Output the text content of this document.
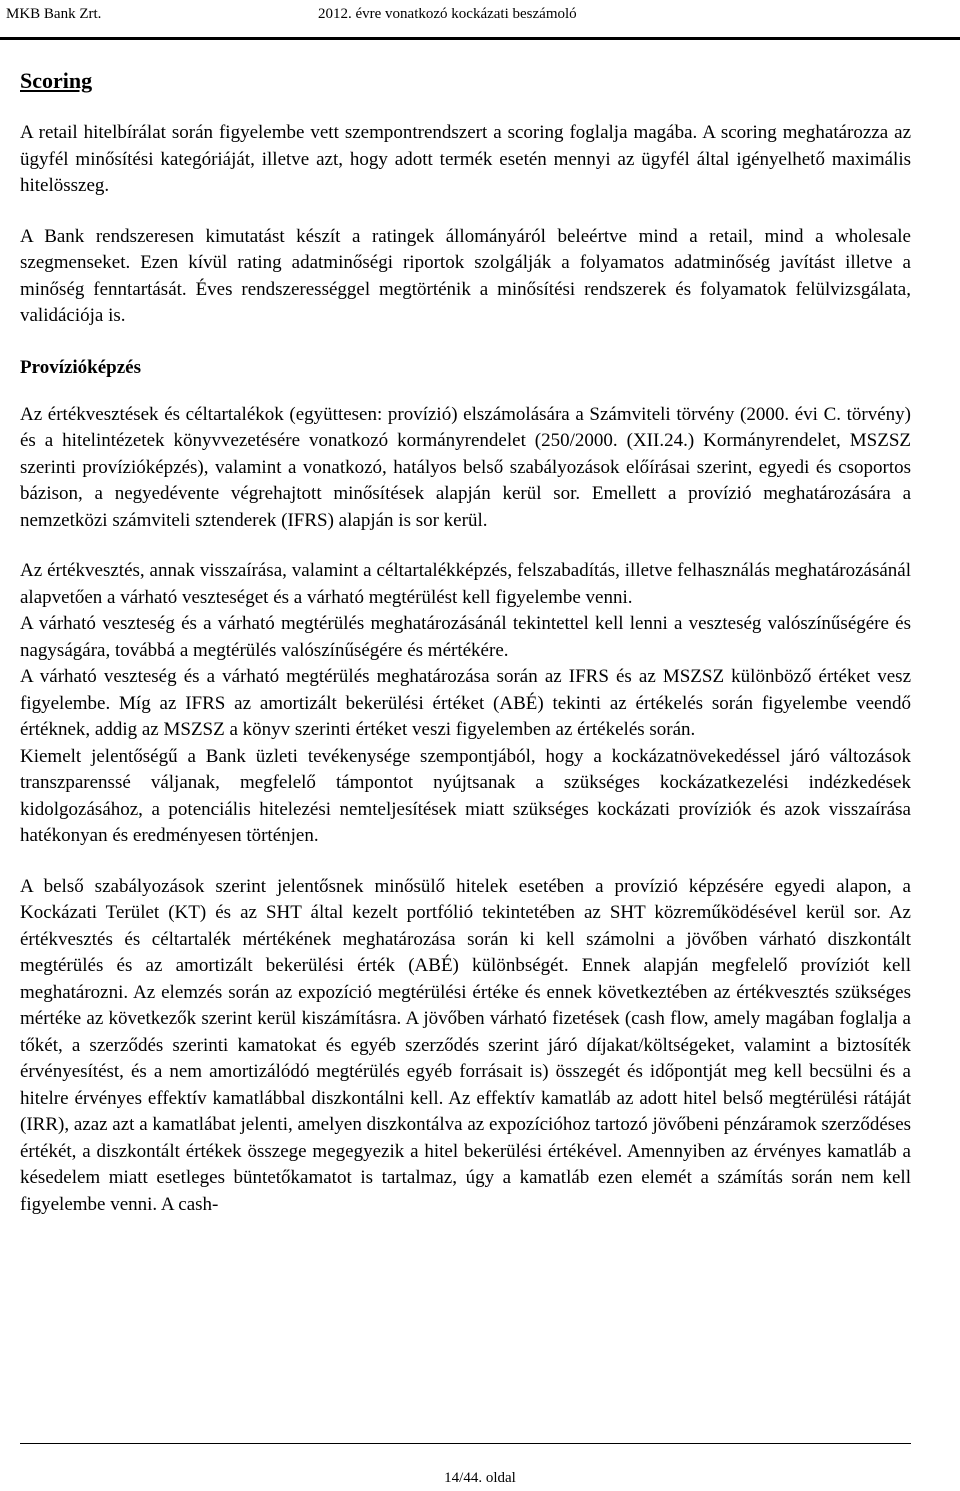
MKB Bank Zrt.	2012. évre vonatkozó kockázati beszámoló
Scoring

A retail hitelbírálat során figyelembe vett szempontrendszert a scoring foglalja magába. A scoring meghatározza az ügyfél minősítési kategóriáját, illetve azt, hogy adott termék esetén mennyi az ügyfél által igényelhető maximális hitelösszeg.

A Bank rendszeresen kimutatást készít a ratingek állományáról beleértve mind a retail, mind a wholesale szegmenseket. Ezen kívül rating adatminőségi riportok szolgálják a folyamatos adatminőség javítást illetve a minőség fenntartását. Éves rendszerességgel megtörténik a minősítési rendszerek és folyamatok felülvizsgálata, validációja is.

Provízióképzés

Az értékvesztések és céltartalékok (együttesen: provízió) elszámolására a Számviteli törvény (2000. évi C. törvény) és a hitelintézetek könyvvezetésére vonatkozó kormányrendelet (250/2000. (XII.24.) Kormányrendelet, MSZSZ szerinti provízióképzés), valamint a vonatkozó, hatályos belső szabályozások előírásai szerint, egyedi és csoportos bázison, a negyedévente végrehajtott minősítések alapján kerül sor. Emellett a provízió meghatározására a nemzetközi számviteli sztenderek (IFRS) alapján is sor kerül.

Az értékvesztés, annak visszaírása, valamint a céltartalékképzés, felszabadítás, illetve felhasználás meghatározásánál alapvetően a várható veszteséget és a várható megtérülést kell figyelembe venni.

A várható veszteség és a várható megtérülés meghatározásánál tekintettel kell lenni a veszteség valószínűségére és nagyságára, továbbá a megtérülés valószínűségére és mértékére.

A várható veszteség és a várható megtérülés meghatározása során az IFRS és az MSZSZ különböző értéket vesz figyelembe. Míg az IFRS az amortizált bekerülési értéket (ABÉ) tekinti az értékelés során figyelembe veendő értéknek, addig az MSZSZ a könyv szerinti értéket veszi figyelemben az értékelés során.

Kiemelt jelentőségű a Bank üzleti tevékenysége szempontjából, hogy a kockázatnövekedéssel járó változások transzparenssé váljanak, megfelelő támpontot nyújtsanak a szükséges kockázatkezelési indézkedések kidolgozásához, a potenciális hitelezési nemteljesítések miatt szükséges kockázati províziók és azok visszaírása hatékonyan és eredményesen történjen.

A belső szabályozások szerint jelentősnek minősülő hitelek esetében a provízió képzésére egyedi alapon, a Kockázati Terület (KT) és az SHT által kezelt portfólió tekintetében az SHT közreműködésével kerül sor. Az értékvesztés és céltartalék mértékének meghatározása során ki kell számolni a jövőben várható diszkontált megtérülés és az amortizált bekerülési érték (ABÉ) különbségét. Ennek alapján megfelelő províziót kell meghatározni. Az elemzés során az expozíció megtérülési értéke és ennek következtében az értékvesztés szükséges mértéke az következők szerint kerül kiszámításra. A jövőben várható fizetések (cash flow, amely magában foglalja a tőkét, a szerződés szerinti kamatokat és egyéb szerződés szerint járó díjakat/költségeket, valamint a biztosíték érvényesítést, és a nem amortizálódó megtérülés egyéb forrásait is) összegét és időpontját meg kell becsülni és a hitelre érvényes effektív kamatlábbal diszkontálni kell. Az effektív kamatláb az adott hitel belső megtérülési rátáját (IRR), azaz azt a kamatlábat jelenti, amelyen diszkontálva az expozícióhoz tartozó jövőbeni pénzáramok szerződéses értékét, a diszkontált értékek összege megegyezik a hitel bekerülési értékével. Amennyiben az érvényes kamatláb a késedelem miatt esetleges büntetőkamatot is tartalmaz, úgy a kamatláb ezen elemét a számítás során nem kell figyelembe venni. A cash-

14/44. oldal
